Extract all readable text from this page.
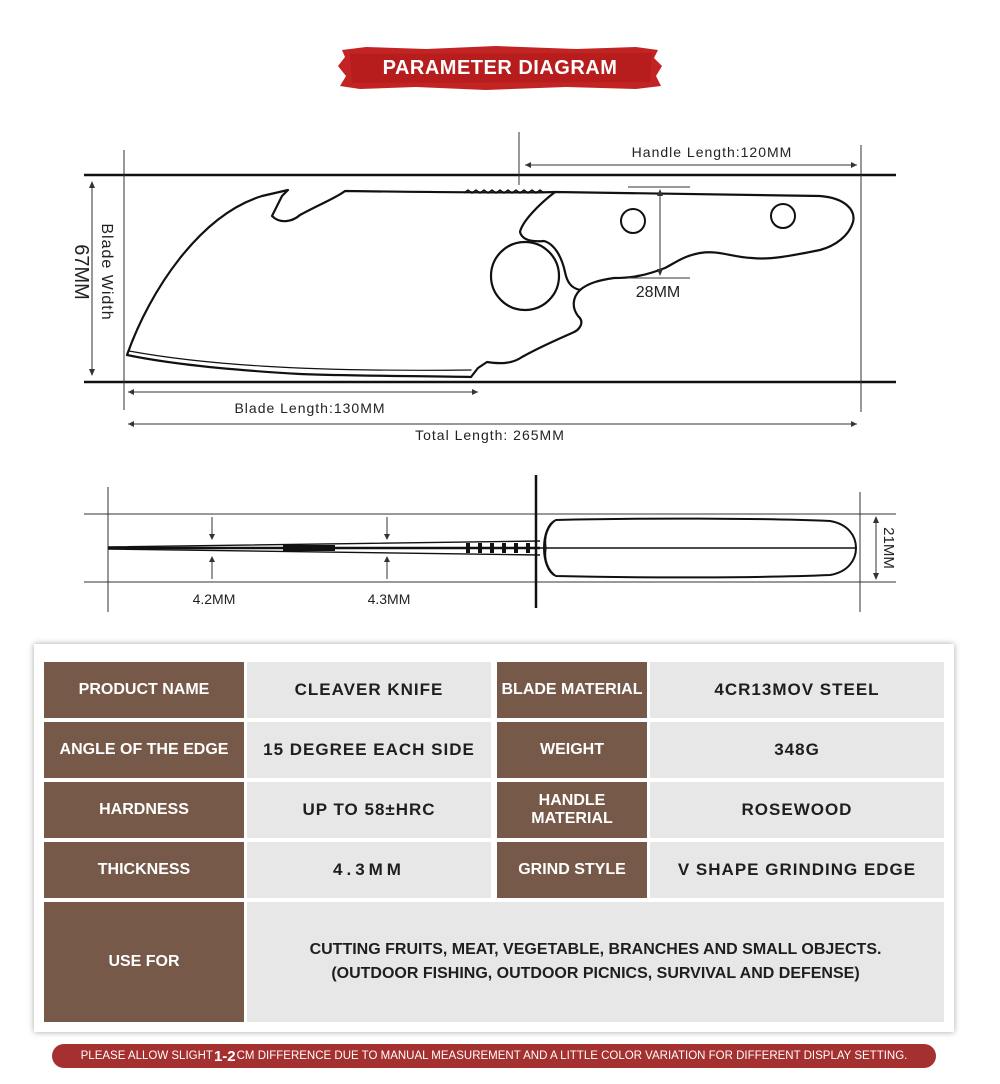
PARAMETER DIAGRAM
Handle Length:120MM
67MM Blade Width	28MM
Blade Length:130MM
Total Length: 265MM
4.2MM	4.3MM
21MM
PRODUCT NAME	CLEAVER KNIFE	BLADE MATERIAL	4CR13MOV STEEL
ANGLE OF THE EDGE	15 DEGREE EACH SIDE	WEIGHT	348G
HARDNESS	UP TO 58±HRC	HANDLE MATERIAL	ROSEWOOD
THICKNESS	4.3MM	GRIND STYLE	V SHAPE GRINDING EDGE
USE FOR
CUTTING FRUITS, MEAT, VEGETABLE, BRANCHES AND SMALL OBJECTS.
(OUTDOOR FISHING, OUTDOOR PICNICS, SURVIVAL AND DEFENSE)
PLEASE ALLOW SLIGHT 1-2 CM
DIFFERENCE DUE TO MANUAL MEASUREMENT AND A LITTLE COLOR VARIATION FOR DIFFERENT DISPLAY SETTING.
